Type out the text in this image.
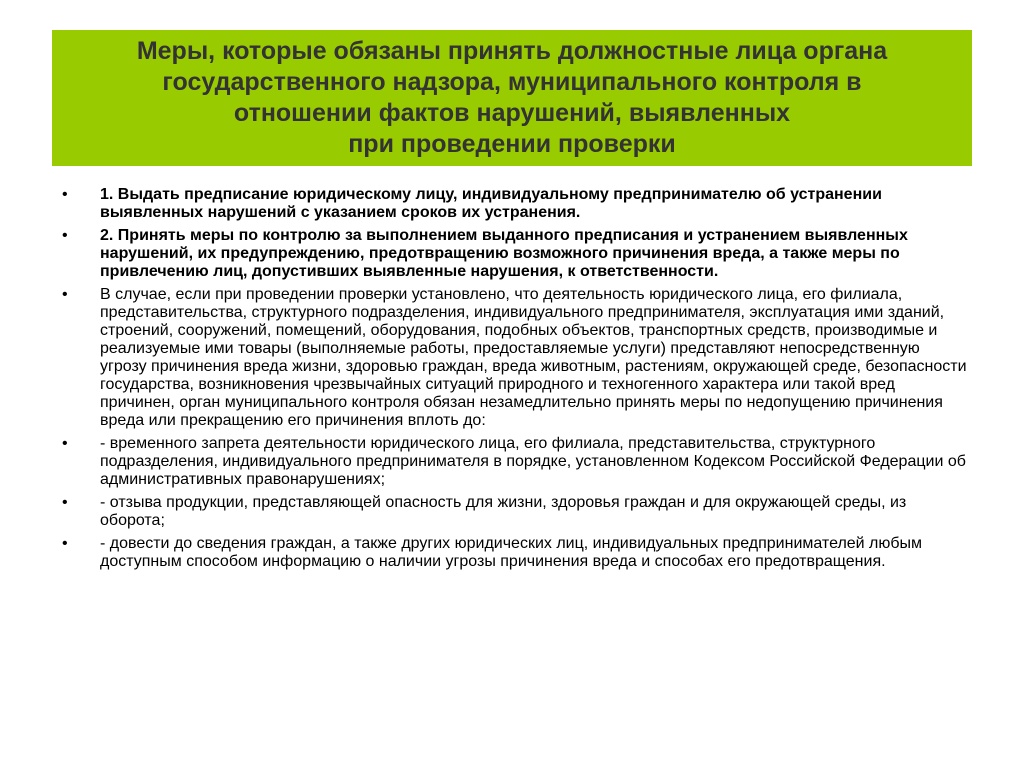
Меры, которые обязаны принять должностные лица органа
государственного надзора, муниципального контроля в
отношении фактов нарушений, выявленных
при проведении проверки
•	1. Выдать предписание юридическому лицу, индивидуальному предпринимателю об устранении выявленных нарушений с указанием сроков их устранения.
•	2. Принять меры по контролю за выполнением выданного предписания и устранением выявленных нарушений, их предупреждению, предотвращению возможного причинения вреда, а также меры по привлечению лиц, допустивших выявленные нарушения, к ответственности.
•	В случае, если при проведении проверки установлено, что деятельность юридического лица, его филиала, представительства, структурного подразделения, индивидуального предпринимателя, эксплуатация ими зданий, строений, сооружений, помещений, оборудования, подобных объектов, транспортных средств, производимые и реализуемые ими товары (выполняемые работы, предоставляемые услуги) представляют непосредственную угрозу причинения вреда жизни, здоровью граждан, вреда животным, растениям, окружающей среде, безопасности государства, возникновения чрезвычайных ситуаций природного и техногенного характера или такой вред причинен, орган муниципального контроля обязан незамедлительно принять меры по недопущению причинения вреда или прекращению его причинения вплоть до:
•	- временного запрета деятельности юридического лица, его филиала, представительства, структурного подразделения, индивидуального предпринимателя в порядке, установленном Кодексом Российской Федерации об административных правонарушениях;
•	- отзыва продукции, представляющей опасность для жизни, здоровья граждан и для окружающей среды, из оборота;
•	- довести до сведения граждан, а также других юридических лиц, индивидуальных предпринимателей любым доступным способом информацию о наличии угрозы причинения вреда и способах его предотвращения.
